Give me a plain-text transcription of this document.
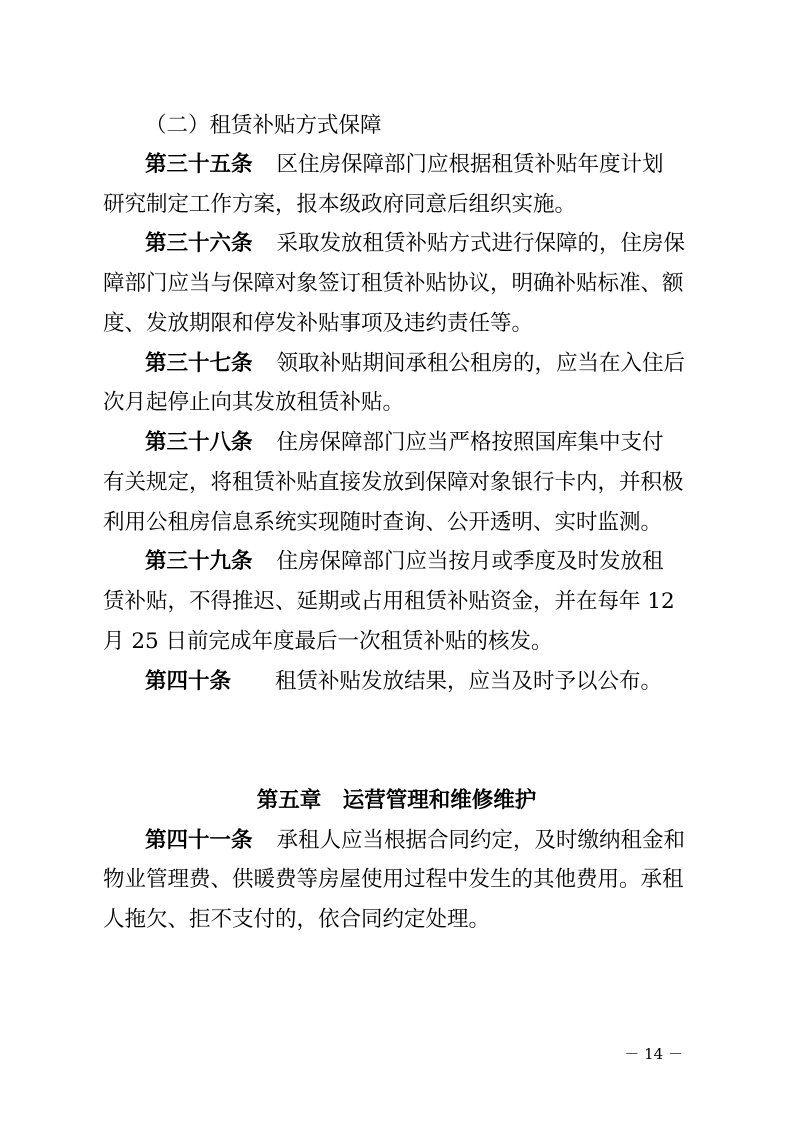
（二）租赁补贴方式保障
第三十五条 区住房保障部门应根据租赁补贴年度计划
研究制定工作方案，报本级政府同意后组织实施。
第三十六条 采取发放租赁补贴方式进行保障的，住房保
障部门应当与保障对象签订租赁补贴协议，明确补贴标准、额
度、发放期限和停发补贴事项及违约责任等。
第三十七条 领取补贴期间承租公租房的，应当在入住后
次月起停止向其发放租赁补贴。
第三十八条 住房保障部门应当严格按照国库集中支付
有关规定，将租赁补贴直接发放到保障对象银行卡内，并积极
利用公租房信息系统实现随时查询、公开透明、实时监测。
第三十九条 住房保障部门应当按月或季度及时发放租
赁补贴，不得推迟、延期或占用租赁补贴资金，并在每年 12
月 25 日前完成年度最后一次租赁补贴的核发。
第四十条 租赁补贴发放结果，应当及时予以公布。
第五章　运营管理和维修维护
第四十一条 承租人应当根据合同约定，及时缴纳租金和
物业管理费、供暖费等房屋使用过程中发生的其他费用。承租
人拖欠、拒不支付的，依合同约定处理。
－ 14 －
